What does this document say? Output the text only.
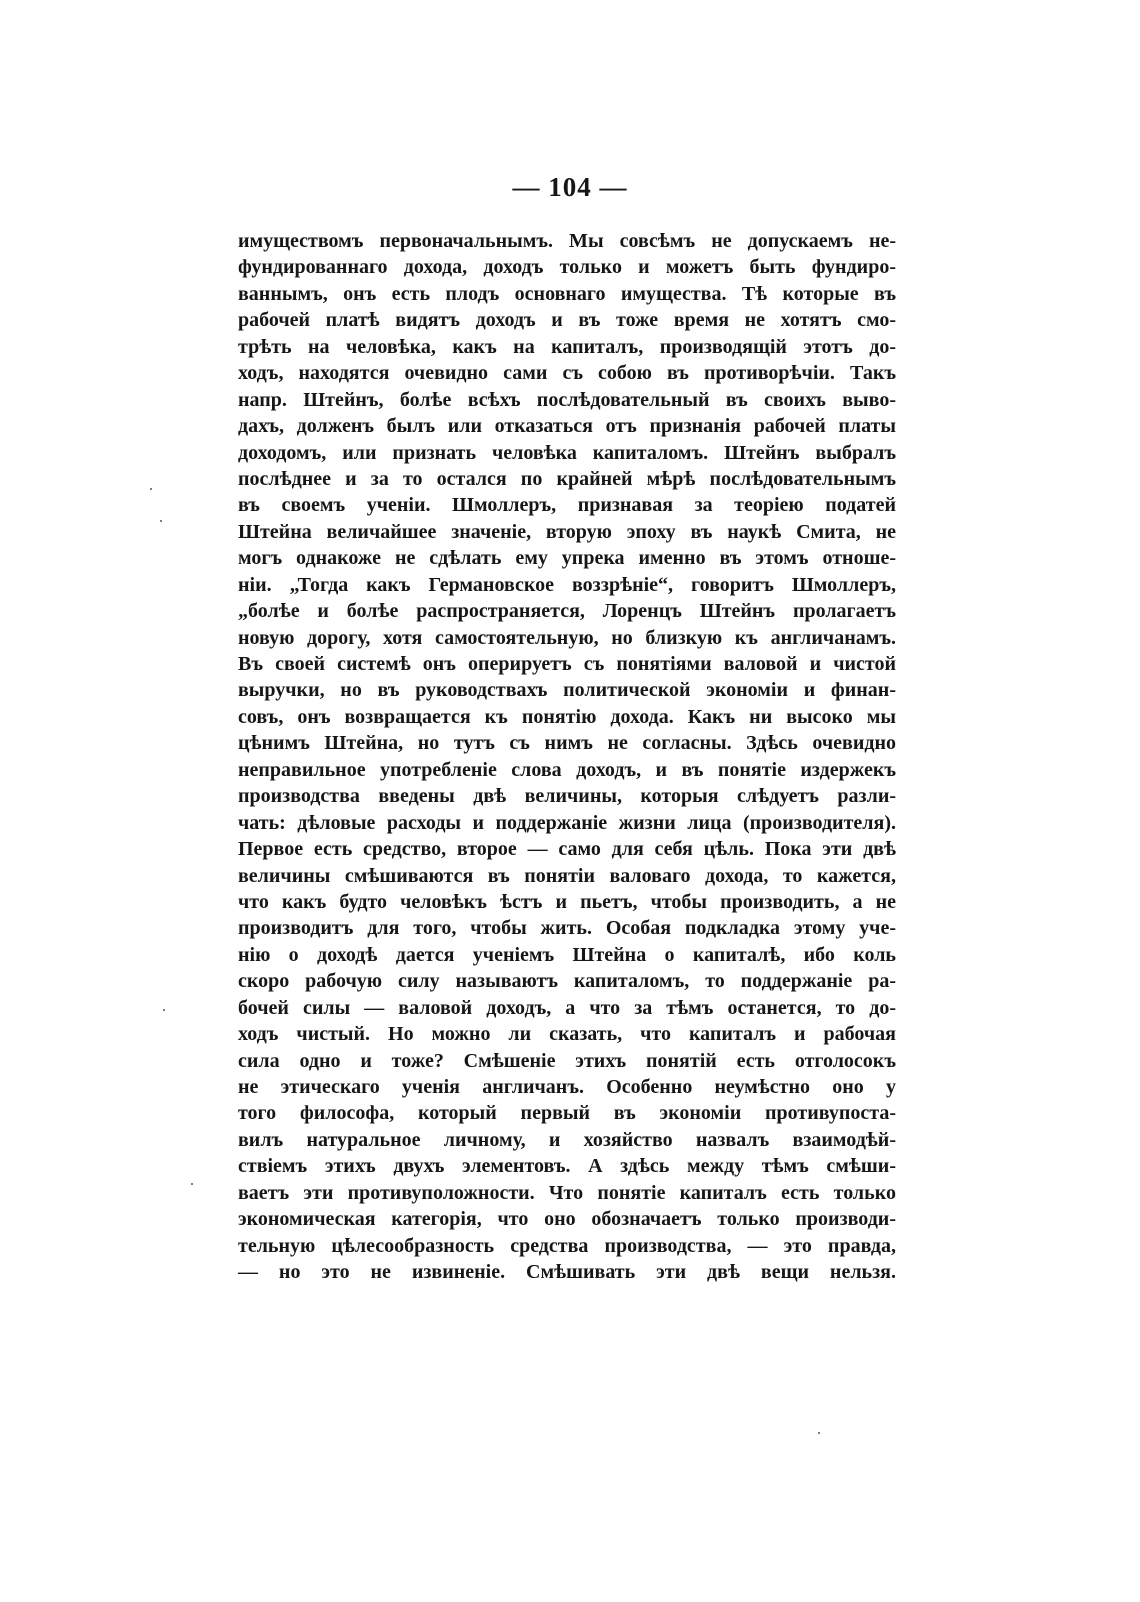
— 104 —
имуществомъ первоначальнымъ. Мы совсѣмъ не допускаемъ не-
фундированнаго дохода, доходъ только и можетъ быть фундиро-
ваннымъ, онъ есть плодъ основнаго имущества. Тѣ которые въ
рабочей платѣ видятъ доходъ и въ тоже время не хотятъ смо-
трѣть на человѣка, какъ на капиталъ, производящій этотъ до-
ходъ, находятся очевидно сами съ собою въ противорѣчіи. Такъ
напр. Штейнъ, болѣе всѣхъ послѣдовательный въ своихъ выво-
дахъ, долженъ былъ или отказаться отъ признанія рабочей платы
доходомъ, или признать человѣка капиталомъ. Штейнъ выбралъ
послѣднее и за то остался по крайней мѣрѣ послѣдовательнымъ
въ своемъ ученіи. Шмоллеръ, признавая за теоріею податей
Штейна величайшее значеніе, вторую эпоху въ наукѣ Смита, не
могъ однакоже не сдѣлать ему упрека именно въ этомъ отноше-
ніи. „Тогда какъ Германовское воззрѣніе“, говоритъ Шмоллеръ,
„болѣе и болѣе распространяется, Лоренцъ Штейнъ пролагаетъ
новую дорогу, хотя самостоятельную, но близкую къ англичанамъ.
Въ своей системѣ онъ оперируетъ съ понятіями валовой и чистой
выручки, но въ руководствахъ политической экономіи и финан-
совъ, онъ возвращается къ понятію дохода. Какъ ни высоко мы
цѣнимъ Штейна, но тутъ съ нимъ не согласны. Здѣсь очевидно
неправильное употребленіе слова доходъ, и въ понятіе издержекъ
производства введены двѣ величины, которыя слѣдуетъ разли-
чать: дѣловые расходы и поддержаніе жизни лица (производителя).
Первое есть средство, второе — само для себя цѣль. Пока эти двѣ
величины смѣшиваются въ понятіи валоваго дохода, то кажется,
что какъ будто человѣкъ ѣстъ и пьетъ, чтобы производить, а не
производитъ для того, чтобы жить. Особая подкладка этому уче-
нію о доходѣ дается ученіемъ Штейна о капиталѣ, ибо коль
скоро рабочую силу называютъ капиталомъ, то поддержаніе ра-
бочей силы — валовой доходъ, а что за тѣмъ останется, то до-
ходъ чистый. Но можно ли сказать, что капиталъ и рабочая
сила одно и тоже? Смѣшеніе этихъ понятій есть отголосокъ
не этическаго ученія англичанъ. Особенно неумѣстно оно у
того философа, который первый въ экономіи противупоста-
вилъ натуральное личному, и хозяйство назвалъ взаимодѣй-
ствіемъ этихъ двухъ элементовъ. А здѣсь между тѣмъ смѣши-
ваетъ эти противуположности. Что понятіе капиталъ есть только
экономическая категорія, что оно обозначаетъ только производи-
тельную цѣлесообразность средства производства, — это правда,
— но это не извиненіе. Смѣшивать эти двѣ вещи нельзя.
